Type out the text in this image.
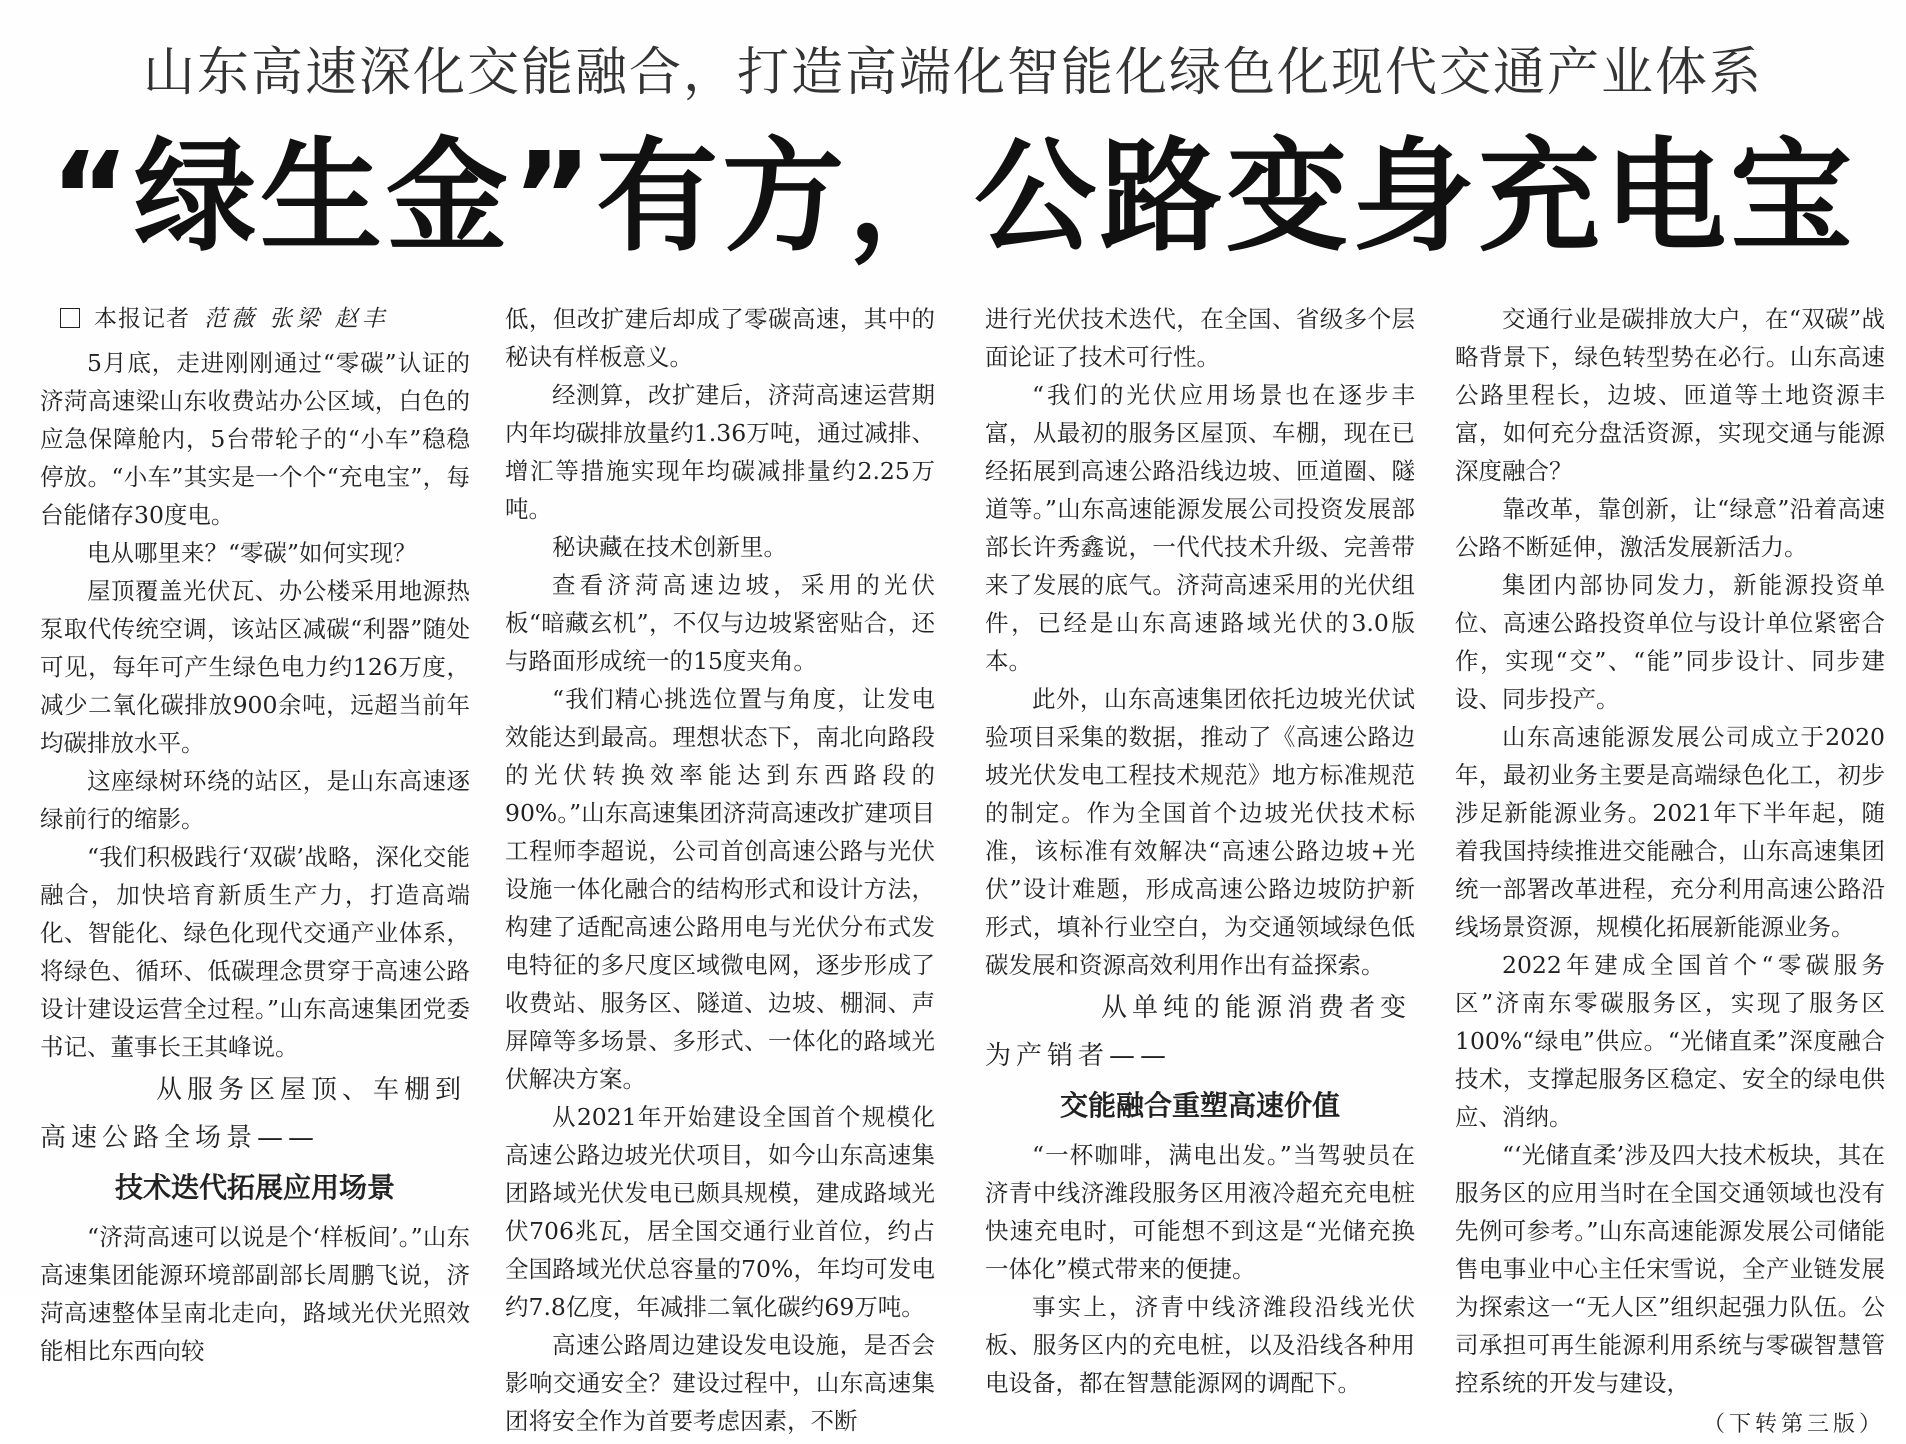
山东高速深化交能融合，打造高端化智能化绿色化现代交通产业体系
“绿生金”有方，公路变身充电宝
本报记者 范薇 张梁 赵丰

5月底，走进刚刚通过“零碳”认证的济菏高速梁山东收费站办公区域，白色的应急保障舱内，5台带轮子的“小车”稳稳停放。“小车”其实是一个个“充电宝”，每台能储存30度电。

电从哪里来？“零碳”如何实现？

屋顶覆盖光伏瓦、办公楼采用地源热泵取代传统空调，该站区减碳“利器”随处可见，每年可产生绿色电力约126万度，减少二氧化碳排放900余吨，远超当前年均碳排放水平。

这座绿树环绕的站区，是山东高速逐绿前行的缩影。

“我们积极践行‘双碳’战略，深化交能融合，加快培育新质生产力，打造高端化、智能化、绿色化现代交通产业体系，将绿色、循环、低碳理念贯穿于高速公路设计建设运营全过程。”山东高速集团党委书记、董事长王其峰说。

从服务区屋顶、车棚到
高速公路全场景——
技术迭代拓展应用场景

“济菏高速可以说是个‘样板间’。”山东高速集团能源环境部副部长周鹏飞说，济菏高速整体呈南北走向，路域光伏光照效能相比东西向较

低，但改扩建后却成了零碳高速，其中的秘诀有样板意义。

经测算，改扩建后，济菏高速运营期内年均碳排放量约1.36万吨，通过减排、增汇等措施实现年均碳减排量约2.25万吨。

秘诀藏在技术创新里。

查看济菏高速边坡，采用的光伏板“暗藏玄机”，不仅与边坡紧密贴合，还与路面形成统一的15度夹角。

“我们精心挑选位置与角度，让发电效能达到最高。理想状态下，南北向路段的光伏转换效率能达到东西路段的90%。”山东高速集团济菏高速改扩建项目工程师李超说，公司首创高速公路与光伏设施一体化融合的结构形式和设计方法，构建了适配高速公路用电与光伏分布式发电特征的多尺度区域微电网，逐步形成了收费站、服务区、隧道、边坡、棚洞、声屏障等多场景、多形式、一体化的路域光伏解决方案。

从2021年开始建设全国首个规模化高速公路边坡光伏项目，如今山东高速集团路域光伏发电已颇具规模，建成路域光伏706兆瓦，居全国交通行业首位，约占全国路域光伏总容量的70%，年均可发电约7.8亿度，年减排二氧化碳约69万吨。

高速公路周边建设发电设施，是否会影响交通安全？建设过程中，山东高速集团将安全作为首要考虑因素，不断

进行光伏技术迭代，在全国、省级多个层面论证了技术可行性。

“我们的光伏应用场景也在逐步丰富，从最初的服务区屋顶、车棚，现在已经拓展到高速公路沿线边坡、匝道圈、隧道等。”山东高速能源发展公司投资发展部部长许秀鑫说，一代代技术升级、完善带来了发展的底气。济菏高速采用的光伏组件，已经是山东高速路域光伏的3.0版本。

此外，山东高速集团依托边坡光伏试验项目采集的数据，推动了《高速公路边坡光伏发电工程技术规范》地方标准规范的制定。作为全国首个边坡光伏技术标准，该标准有效解决“高速公路边坡+光伏”设计难题，形成高速公路边坡防护新形式，填补行业空白，为交通领域绿色低碳发展和资源高效利用作出有益探索。

从单纯的能源消费者变
为产销者——
交能融合重塑高速价值

“一杯咖啡，满电出发。”当驾驶员在济青中线济潍段服务区用液冷超充充电桩快速充电时，可能想不到这是“光储充换一体化”模式带来的便捷。

事实上，济青中线济潍段沿线光伏板、服务区内的充电桩，以及沿线各种用电设备，都在智慧能源网的调配下。

交通行业是碳排放大户，在“双碳”战略背景下，绿色转型势在必行。山东高速公路里程长，边坡、匝道等土地资源丰富，如何充分盘活资源，实现交通与能源深度融合？

靠改革，靠创新，让“绿意”沿着高速公路不断延伸，激活发展新活力。

集团内部协同发力，新能源投资单位、高速公路投资单位与设计单位紧密合作，实现“交”、“能”同步设计、同步建设、同步投产。

山东高速能源发展公司成立于2020年，最初业务主要是高端绿色化工，初步涉足新能源业务。2021年下半年起，随着我国持续推进交能融合，山东高速集团统一部署改革进程，充分利用高速公路沿线场景资源，规模化拓展新能源业务。

2022年建成全国首个“零碳服务区”济南东零碳服务区，实现了服务区100%“绿电”供应。“光储直柔”深度融合技术，支撑起服务区稳定、安全的绿电供应、消纳。

“‘光储直柔’涉及四大技术板块，其在服务区的应用当时在全国交通领域也没有先例可参考。”山东高速能源发展公司储能售电事业中心主任宋雪说，全产业链发展为探索这一“无人区”组织起强力队伍。公司承担可再生能源利用系统与零碳智慧管控系统的开发与建设，

（下转第三版）
